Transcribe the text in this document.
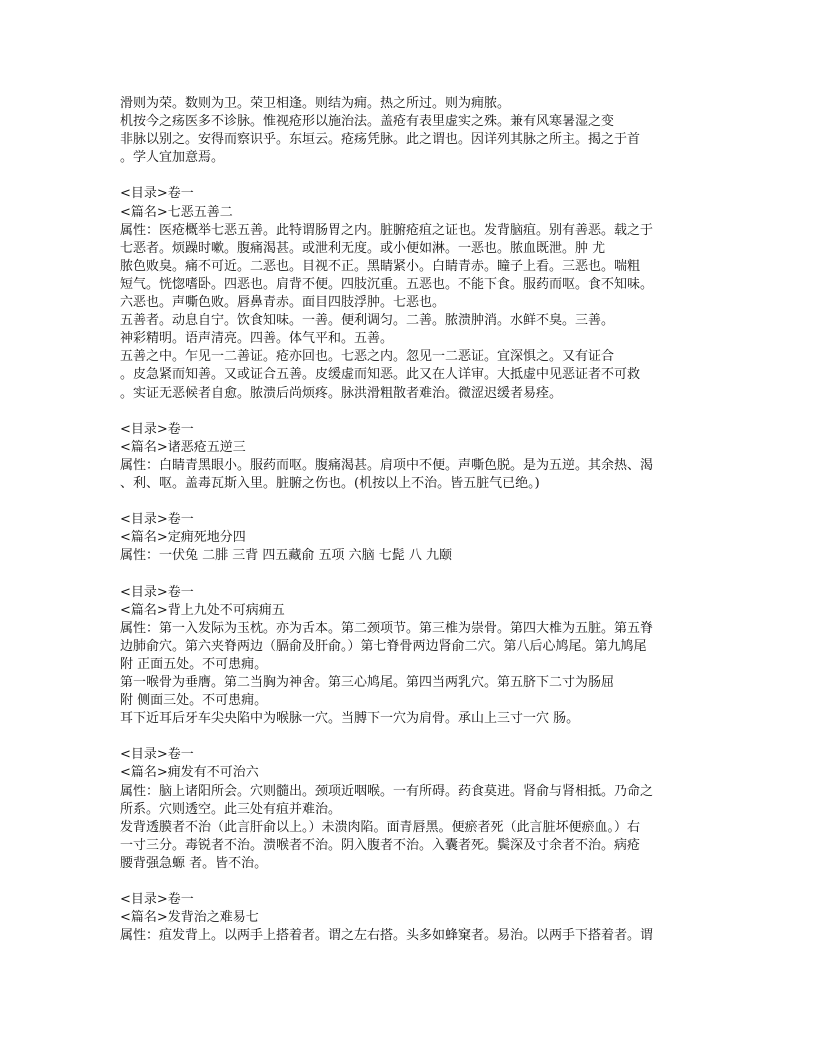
滑则为荣。数则为卫。荣卫相逢。则结为痈。热之所过。则为痈脓。
机按今之疡医多不诊脉。惟视疮形以施治法。盖疮有表里虚实之殊。兼有风寒暑湿之变
非脉以别之。安得而察识乎。东垣云。疮疡凭脉。此之谓也。因详列其脉之所主。揭之于首
。学人宜加意焉。
<目录>卷一
<篇名>七恶五善二
属性：医疮概举七恶五善。此特谓肠胃之内。脏腑疮疽之证也。发背脑疽。别有善恶。载之于
七恶者。烦躁时嗽。腹痛渴甚。或泄利无度。或小便如淋。一恶也。脓血既泄。肿 尤
脓色败臭。痛不可近。二恶也。目视不正。黑睛紧小。白睛青赤。瞳子上看。三恶也。喘粗
短气。恍惚嗜卧。四恶也。肩背不便。四肢沉重。五恶也。不能下食。服药而呕。食不知味。
六恶也。声嘶色败。唇鼻青赤。面目四肢浮肿。七恶也。
五善者。动息自宁。饮食知味。一善。便利调匀。二善。脓溃肿消。水鲜不臭。三善。
神彩精明。语声清亮。四善。体气平和。五善。
五善之中。乍见一二善证。疮亦回也。七恶之内。忽见一二恶证。宜深惧之。又有证合
。皮急紧而知善。又或证合五善。皮缓虚而知恶。此又在人详审。大抵虚中见恶证者不可救
。实证无恶候者自愈。脓溃后尚烦疼。脉洪滑粗散者难治。微涩迟缓者易痊。
<目录>卷一
<篇名>诸恶疮五逆三
属性：白睛青黑眼小。服药而呕。腹痛渴甚。肩项中不便。声嘶色脱。是为五逆。其余热、渴
、利、呕。盖毒瓦斯入里。脏腑之伤也。(机按以上不治。皆五脏气已绝。)
<目录>卷一
<篇名>定痈死地分四
属性：一伏兔 二腓 三背 四五藏俞 五项 六脑 七髭 八 九颐
<目录>卷一
<篇名>背上九处不可病痈五
属性：第一入发际为玉枕。亦为舌本。第二颈项节。第三椎为崇骨。第四大椎为五脏。第五脊
边肺俞穴。第六夹脊两边（膈俞及肝俞。）第七脊骨两边肾俞二穴。第八后心鸠尾。第九鸠尾
附 正面五处。不可患痈。
第一喉骨为垂膺。第二当胸为神舍。第三心鸠尾。第四当两乳穴。第五脐下二寸为肠屈
附 侧面三处。不可患痈。
耳下近耳后牙车尖央陷中为喉脉一穴。当膊下一穴为肩骨。承山上三寸一穴 肠。
<目录>卷一
<篇名>痈发有不可治六
属性：脑上诸阳所会。穴则髓出。颈项近咽喉。一有所碍。药食莫进。肾俞与肾相抵。乃命之
所系。穴则透空。此三处有疽并难治。
发背透膜者不治（此言肝俞以上。）未溃肉陷。面青唇黑。便瘀者死（此言脏坏便瘀血。）右
一寸三分。毒锐者不治。溃喉者不治。阴入腹者不治。入囊者死。鬓深及寸余者不治。病疮
腰背强急螈 者。皆不治。
<目录>卷一
<篇名>发背治之难易七
属性：疽发背上。以两手上搭着者。谓之左右搭。头多如蜂窠者。易治。以两手下搭着者。谓
